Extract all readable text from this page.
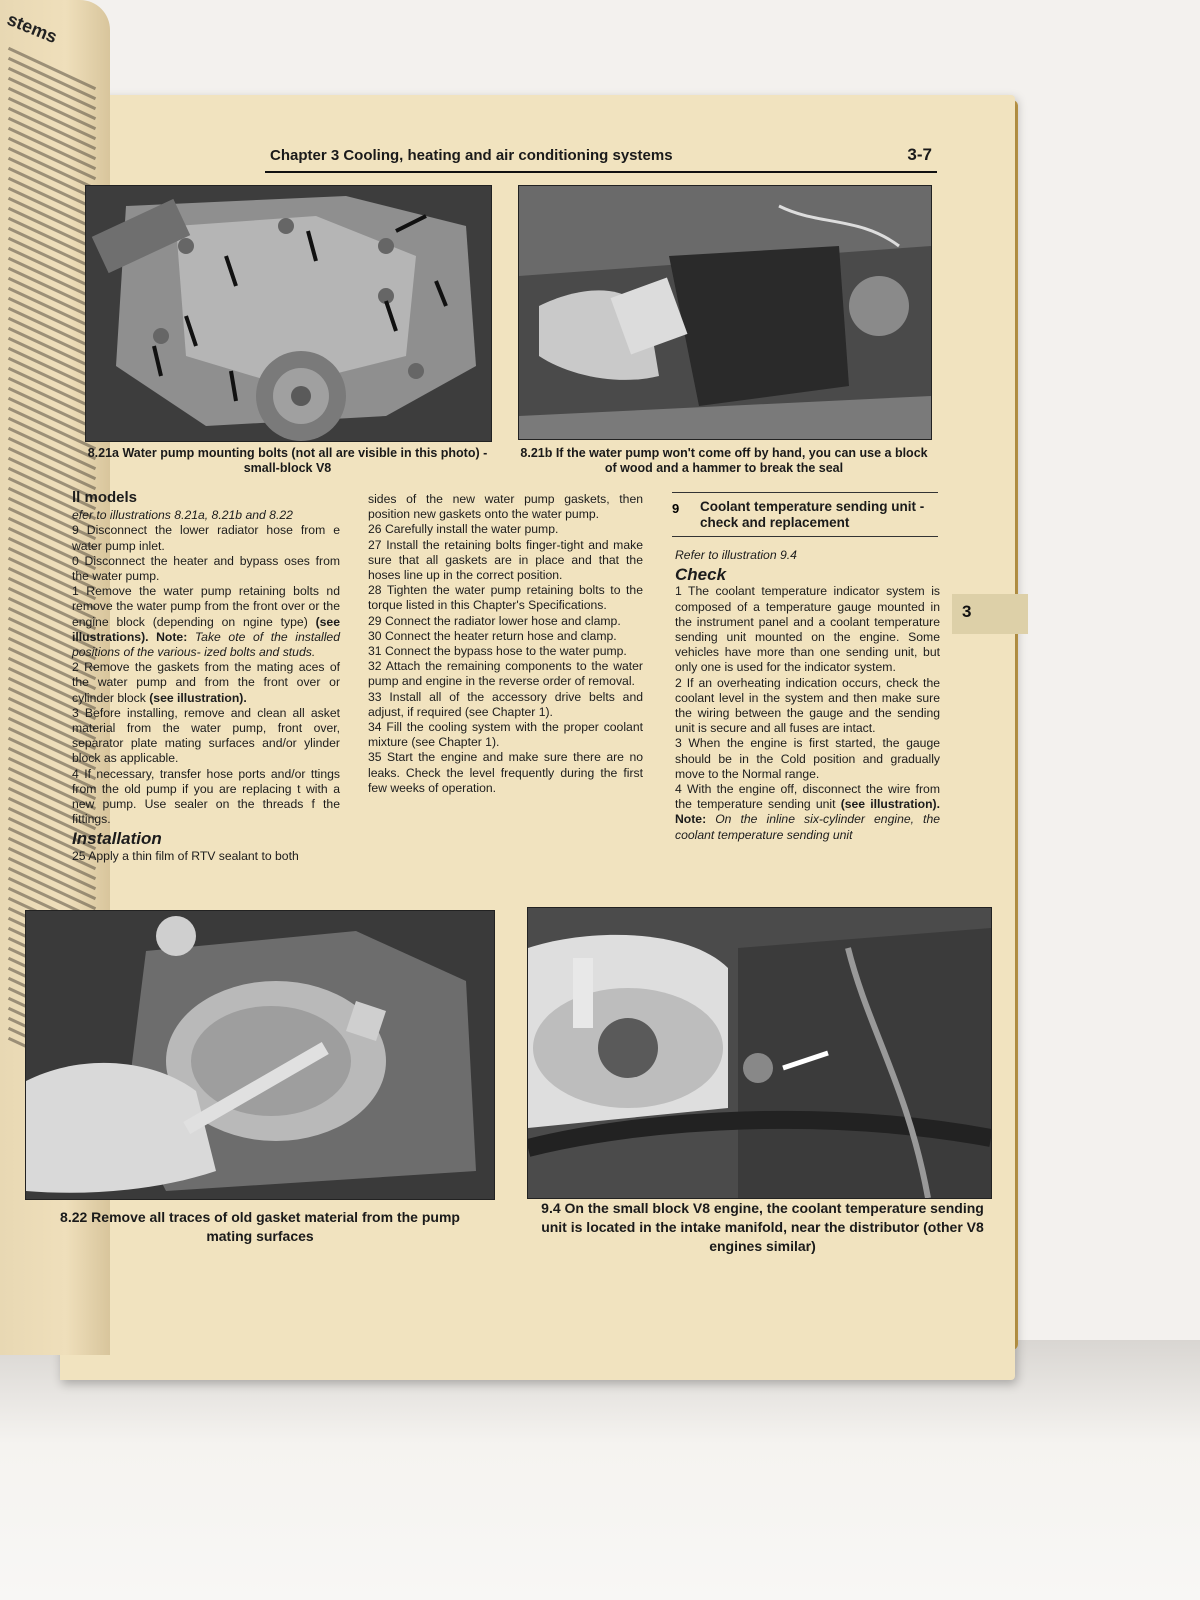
stems
Chapter 3 Cooling, heating and air conditioning systems	3-7
8.21a Water pump mounting bolts (not all are visible in this photo) - small-block V8
8.21b If the water pump won't come off by hand, you can use a block of wood and a hammer to break the seal
ll models

efer to illustrations 8.21a, 8.21b and 8.22

9 Disconnect the lower radiator hose from e water pump inlet.

0 Disconnect the heater and bypass oses from the water pump.

1 Remove the water pump retaining bolts nd remove the water pump from the front over or the engine block (depending on ngine type) (see illustrations). Note: Take ote of the installed positions of the various- ized bolts and studs.

2 Remove the gaskets from the mating aces of the water pump and from the front over or cylinder block (see illustration).

3 Before installing, remove and clean all asket material from the water pump, front over, separator plate mating surfaces and/or ylinder block as applicable.

4 If necessary, transfer hose ports and/or ttings from the old pump if you are replacing t with a new pump. Use sealer on the threads f the fittings.

Installation

25 Apply a thin film of RTV sealant to both

sides of the new water pump gaskets, then position new gaskets onto the water pump.

26 Carefully install the water pump.

27 Install the retaining bolts finger-tight and make sure that all gaskets are in place and that the hoses line up in the correct position.

28 Tighten the water pump retaining bolts to the torque listed in this Chapter's Specifications.

29 Connect the radiator lower hose and clamp.

30 Connect the heater return hose and clamp.

31 Connect the bypass hose to the water pump.

32 Attach the remaining components to the water pump and engine in the reverse order of removal.

33 Install all of the accessory drive belts and adjust, if required (see Chapter 1).

34 Fill the cooling system with the proper coolant mixture (see Chapter 1).

35 Start the engine and make sure there are no leaks. Check the level frequently during the first few weeks of operation.

9 Coolant temperature sending unit - check and replacement

Refer to illustration 9.4

Check

1 The coolant temperature indicator system is composed of a temperature gauge mounted in the instrument panel and a coolant temperature sending unit mounted on the engine. Some vehicles have more than one sending unit, but only one is used for the indicator system.

2 If an overheating indication occurs, check the coolant level in the system and then make sure the wiring between the gauge and the sending unit is secure and all fuses are intact.

3 When the engine is first started, the gauge should be in the Cold position and gradually move to the Normal range.

4 With the engine off, disconnect the wire from the temperature sending unit (see illustration). Note: On the inline six-cylinder engine, the coolant temperature sending unit

3
8.22 Remove all traces of old gasket material from the pump mating surfaces
9.4 On the small block V8 engine, the coolant temperature sending unit is located in the intake manifold, near the distributor (other V8 engines similar)
